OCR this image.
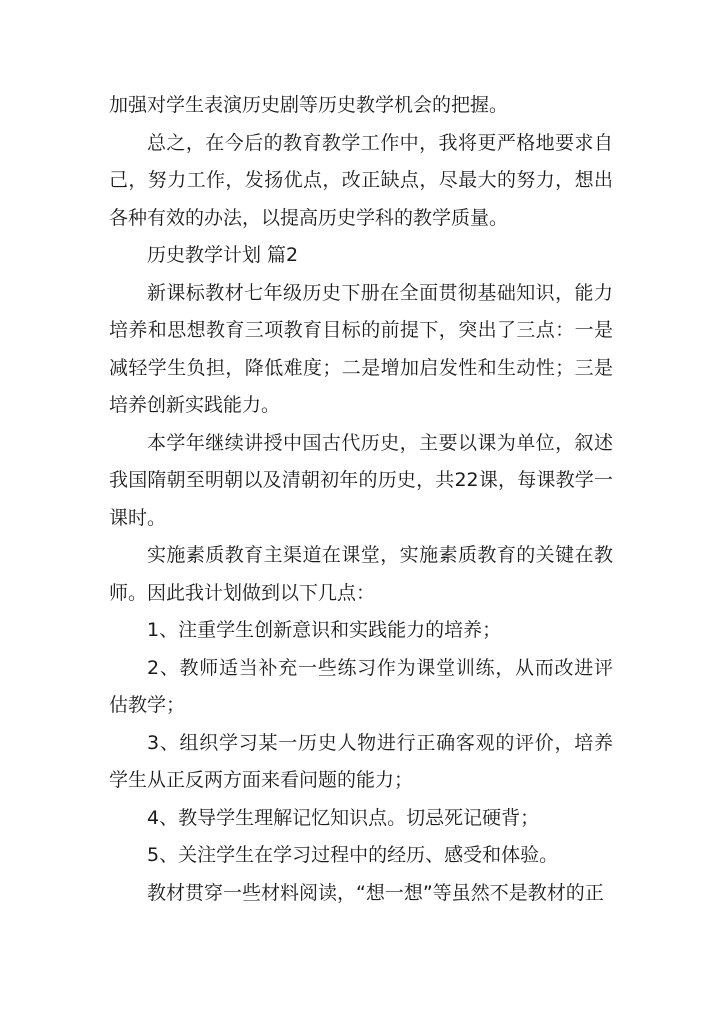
加强对学生表演历史剧等历史教学机会的把握。

总之，在今后的教育教学工作中，我将更严格地要求自己，努力工作，发扬优点，改正缺点，尽最大的努力，想出各种有效的办法，以提高历史学科的教学质量。

历史教学计划 篇2

新课标教材七年级历史下册在全面贯彻基础知识，能力培养和思想教育三项教育目标的前提下，突出了三点：一是减轻学生负担，降低难度；二是增加启发性和生动性；三是培养创新实践能力。

本学年继续讲授中国古代历史，主要以课为单位，叙述我国隋朝至明朝以及清朝初年的历史，共22课，每课教学一课时。

实施素质教育主渠道在课堂，实施素质教育的关键在教师。因此我计划做到以下几点：

1、注重学生创新意识和实践能力的培养；

2、教师适当补充一些练习作为课堂训练，从而改进评估教学；

3、组织学习某一历史人物进行正确客观的评价，培养学生从正反两方面来看问题的能力；

4、教导学生理解记忆知识点。切忌死记硬背；

5、关注学生在学习过程中的经历、感受和体验。

教材贯穿一些材料阅读，“想一想”等虽然不是教材的正
